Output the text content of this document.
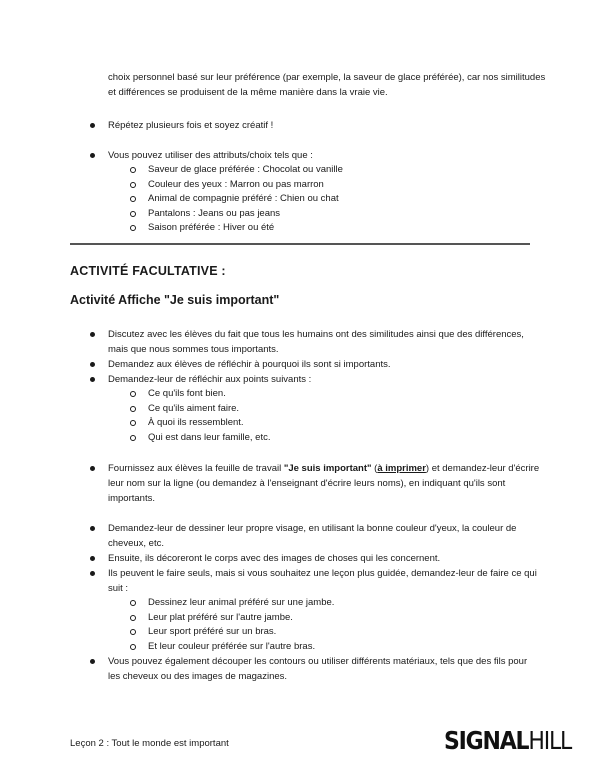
choix personnel basé sur leur préférence (par exemple, la saveur de glace préférée), car nos similitudes et différences se produisent de la même manière dans la vraie vie.

Répétez plusieurs fois et soyez créatif !
Vous pouvez utiliser des attributs/choix tels que :
Saveur de glace préférée : Chocolat ou vanille
Couleur des yeux : Marron ou pas marron
Animal de compagnie préféré : Chien ou chat
Pantalons : Jeans ou pas jeans
Saison préférée : Hiver ou été
ACTIVITÉ FACULTATIVE :
Activité Affiche "Je suis important"
Discutez avec les élèves du fait que tous les humains ont des similitudes ainsi que des différences, mais que nous sommes tous importants.
Demandez aux élèves de réfléchir à pourquoi ils sont si importants.
Demandez-leur de réfléchir aux points suivants :
Ce qu'ils font bien.
Ce qu'ils aiment faire.
À quoi ils ressemblent.
Qui est dans leur famille, etc.
Fournissez aux élèves la feuille de travail "Je suis important" (à imprimer) et demandez-leur d'écrire leur nom sur la ligne (ou demandez à l'enseignant d'écrire leurs noms), en indiquant qu'ils sont importants.
Demandez-leur de dessiner leur propre visage, en utilisant la bonne couleur d'yeux, la couleur de cheveux, etc.
Ensuite, ils décoreront le corps avec des images de choses qui les concernent.
Ils peuvent le faire seuls, mais si vous souhaitez une leçon plus guidée, demandez-leur de faire ce qui suit :
Dessinez leur animal préféré sur une jambe.
Leur plat préféré sur l'autre jambe.
Leur sport préféré sur un bras.
Et leur couleur préférée sur l'autre bras.
Vous pouvez également découper les contours ou utiliser différents matériaux, tels que des fils pour les cheveux ou des images de magazines.
Leçon 2 : Tout le monde est important	SIGNALHILL
